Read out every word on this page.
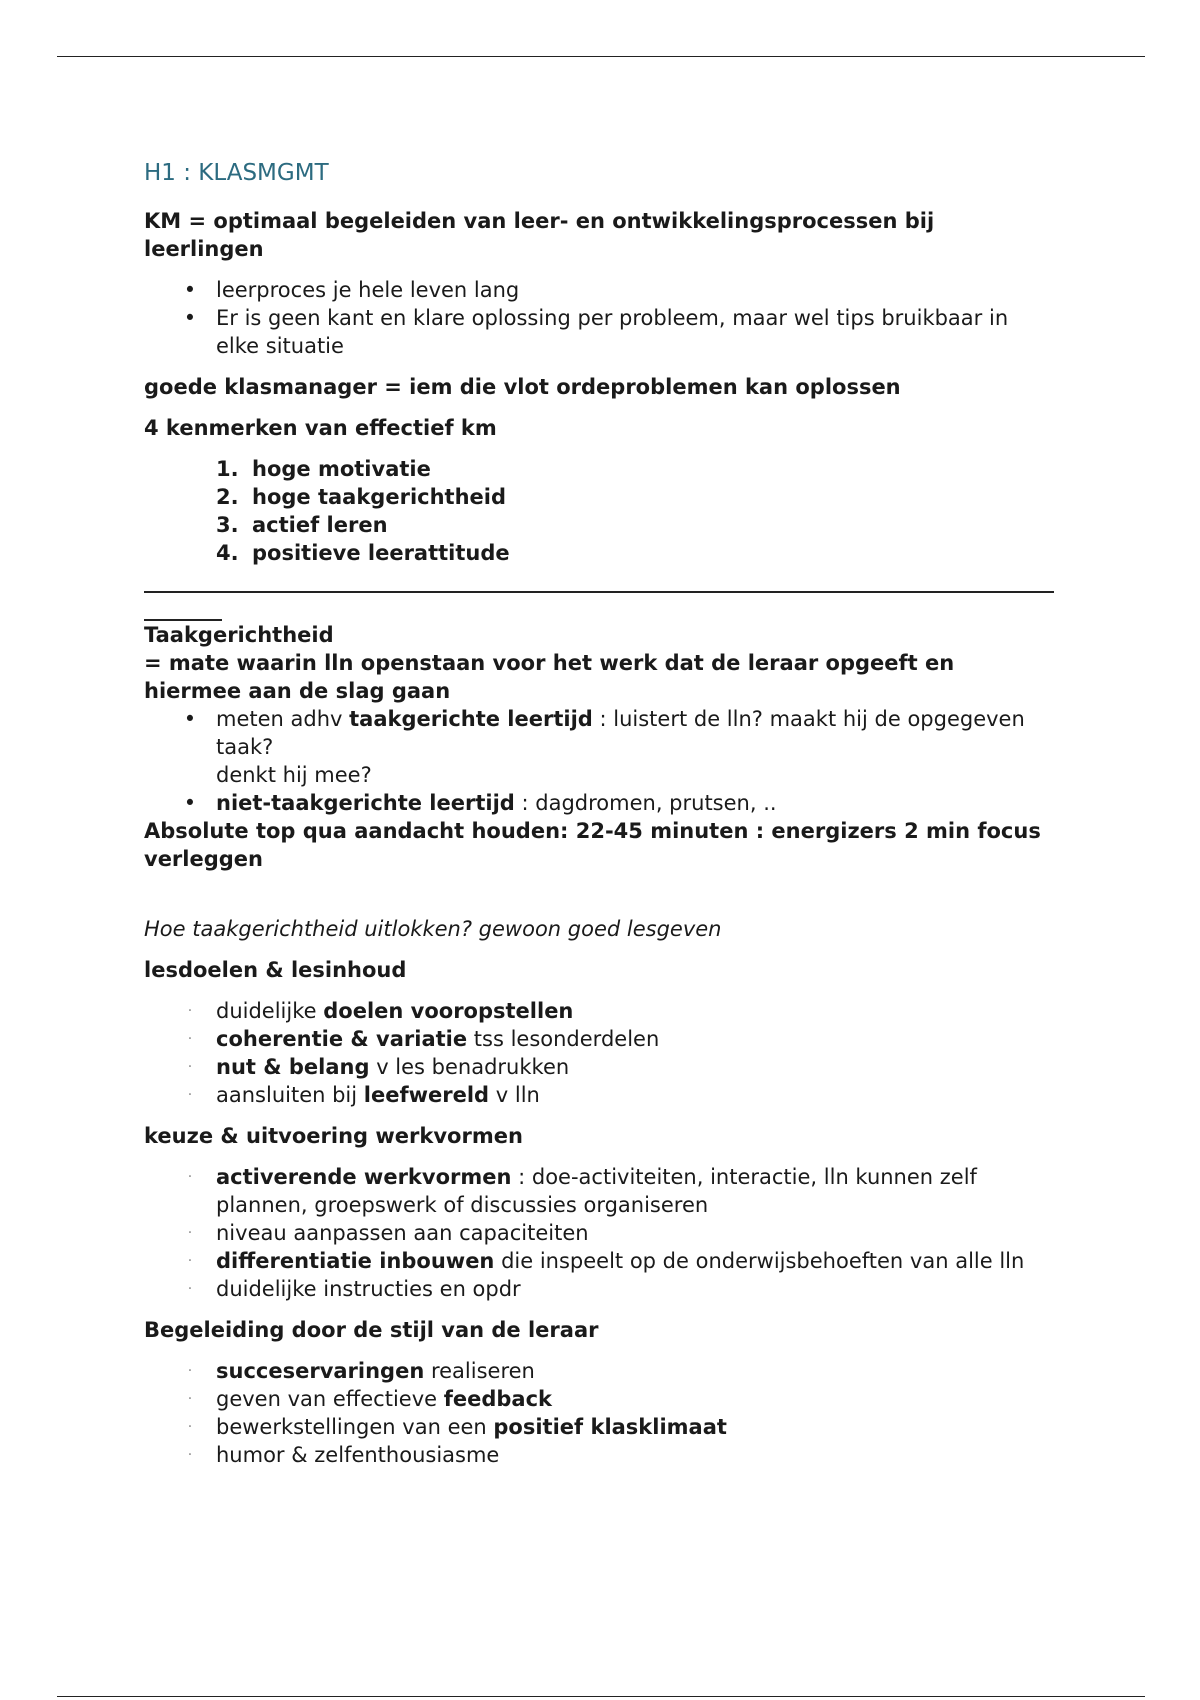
H1 : KLASMGMT

KM = optimaal begeleiden van leer- en ontwikkelingsprocessen bij leerlingen

• leerproces je hele leven lang
• Er is geen kant en klare oplossing per probleem, maar wel tips bruikbaar in elke situatie

goede klasmanager = iem die vlot ordeproblemen kan oplossen

4 kenmerken van effectief km

1. hoge motivatie
2. hoge taakgerichtheid
3. actief leren
4. positieve leerattitude

Taakgerichtheid

= mate waarin lln openstaan voor het werk dat de leraar opgeeft en hiermee aan de slag gaan

• meten adhv taakgerichte leertijd : luistert de lln? maakt hij de opgegeven taak?
denkt hij mee?
• niet-taakgerichte leertijd : dagdromen, prutsen, ..

Absolute top qua aandacht houden: 22-45 minuten : energizers 2 min focus verleggen

Hoe taakgerichtheid uitlokken? gewoon goed lesgeven

lesdoelen & lesinhoud

·	duidelijke doelen vooropstellen
·	coherentie & variatie tss lesonderdelen
·	nut & belang v les benadrukken
·	aansluiten bij leefwereld v lln

keuze & uitvoering werkvormen

·	activerende werkvormen : doe-activiteiten, interactie, lln kunnen zelf plannen, groepswerk of discussies organiseren
·	niveau aanpassen aan capaciteiten
·	differentiatie inbouwen die inspeelt op de onderwijsbehoeften van alle lln
·	duidelijke instructies en opdr

Begeleiding door de stijl van de leraar

·	succeservaringen realiseren
·	geven van effectieve feedback
·	bewerkstellingen van een positief klasklimaat
·	humor & zelfenthousiasme
